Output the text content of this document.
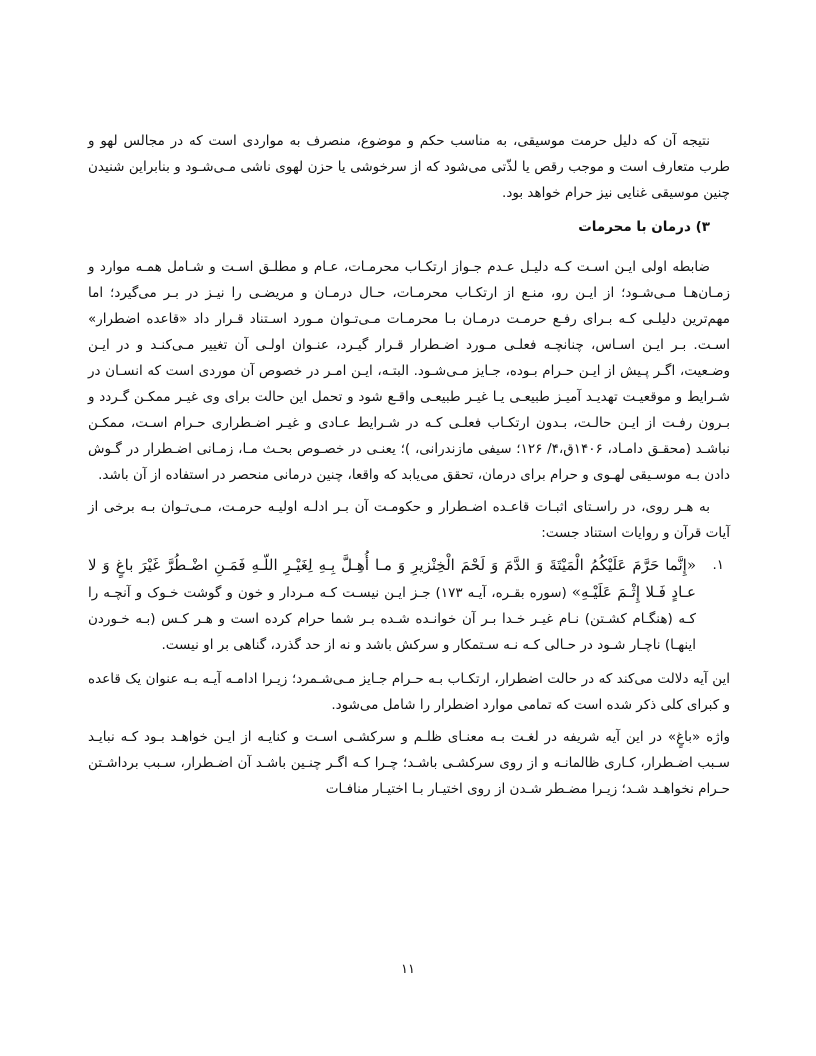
نتیجه آن که دلیل حرمت موسیقی، به مناسب حکم و موضوع، منصرف به مواردی است که در مجالس لهو و طرب متعارف است و موجب رقص یا لذّتی می‌شود که از سرخوشی یا حزن لهوی ناشی مـی‌شـود و بنابراین شنیدن چنین موسیقی غنایی نیز حرام خواهد بود.

۳) درمان با محرمات

ضابطه اولی ایـن اسـت کـه دلیـل عـدم جـواز ارتکـاب محرمـات، عـام و مطلـق اسـت و شـامل همـه موارد و زمـان‌هـا مـی‌شـود؛ از ایـن رو، منـع از ارتکـاب محرمـات، حـال درمـان و مریضـی را نیـز در بـر می‌گیرد؛ اما مهم‌ترین دلیلـی کـه بـرای رفـع حرمـت درمـان بـا محرمـات مـی‌تـوان مـورد اسـتناد قـرار داد «قاعده اضطرار» اسـت. بـر ایـن اسـاس، چنانچـه فعلـی مـورد اضـطرار قـرار گیـرد، عنـوان اولـی آن تغییر مـی‌کنـد و در ایـن وضـعیت، اگـر پـیش از ایـن حـرام بـوده، جـایز مـی‌شـود. البتـه، ایـن امـر در خصوص آن موردی است که انسـان در شـرایط و موقعیـت تهدیـد آمیـز طبیعـی یـا غیـر طبیعـی واقـع شود و تحمل این حالت برای وی غیـر ممکـن گـردد و بـرون رفـت از ایـن حالـت، بـدون ارتکـاب فعلـی کـه در شـرایط عـادی و غیـر اضـطراری حـرام اسـت، ممکـن نباشـد (محقـق دامـاد، ۱۴۰۶ق،۴/ ۱۲۶؛ سیفی مازندرانی، )؛ یعنـی در خصـوص بحـث مـا، زمـانی اضـطرار در گـوش دادن بـه موسـیقی لهـوی و حرام برای درمان، تحقق می‌یابد که واقعا، چنین درمانی منحصر در استفاده از آن باشد.

به هـر روی، در راسـتای اثبـات قاعـده اضـطرار و حکومـت آن بـر ادلـه اولیـه حرمـت، مـی‌تـوان بـه برخی از آیات قرآن و روایات استناد جست:

۱.
«إِنَّما حَرَّمَ عَلَيْكُمُ الْمَيْتَةَ وَ الدَّمَ وَ لَحْمَ الْخِنْزيرِ وَ مـا أُهِـلَّ بِـهِ لِغَيْـرِ اللّـهِ فَمَـنِ اضْـطُرَّ غَيْرَ باغٍ وَ لا عـادٍ فَـلا إِثْـمَ عَلَيْـهِ» (سوره بقـره، آیـه ۱۷۳) جـز ایـن نیسـت کـه مـردار و خون و گوشت خـوک و آنچـه را کـه (هنگـام کشـتن) نـام غیـر خـدا بـر آن خوانـده شـده بـر شما حرام کرده است و هـر کـس (بـه خـوردن اینهـا) ناچـار شـود در حـالی کـه نـه سـتمکار و سرکش باشد و نه از حد گذرد، گناهی بر او نیست.

این آیه دلالت می‌کند که در حالت اضطرار، ارتکـاب بـه حـرام جـایز مـی‌شـمرد؛ زیـرا ادامـه آیـه بـه عنوان یک قاعده و کبرای کلی ذکر شده است که تمامی موارد اضطرار را شامل می‌شود.

واژه «باغٍ» در این آیه شریفه در لغـت بـه معنـای ظلـم و سرکشـی اسـت و کنایـه از ایـن خواهـد بـود کـه نبایـد سـبب اضـطرار، کـاری ظالمانـه و از روی سرکشـی باشـد؛ چـرا کـه اگـر چنـین باشـد آن اضـطرار، سـبب برداشـتن حـرام نخواهـد شـد؛ زیـرا مضـطر شـدن از روی اختیـار بـا اختیـار منافـات

۱۱
